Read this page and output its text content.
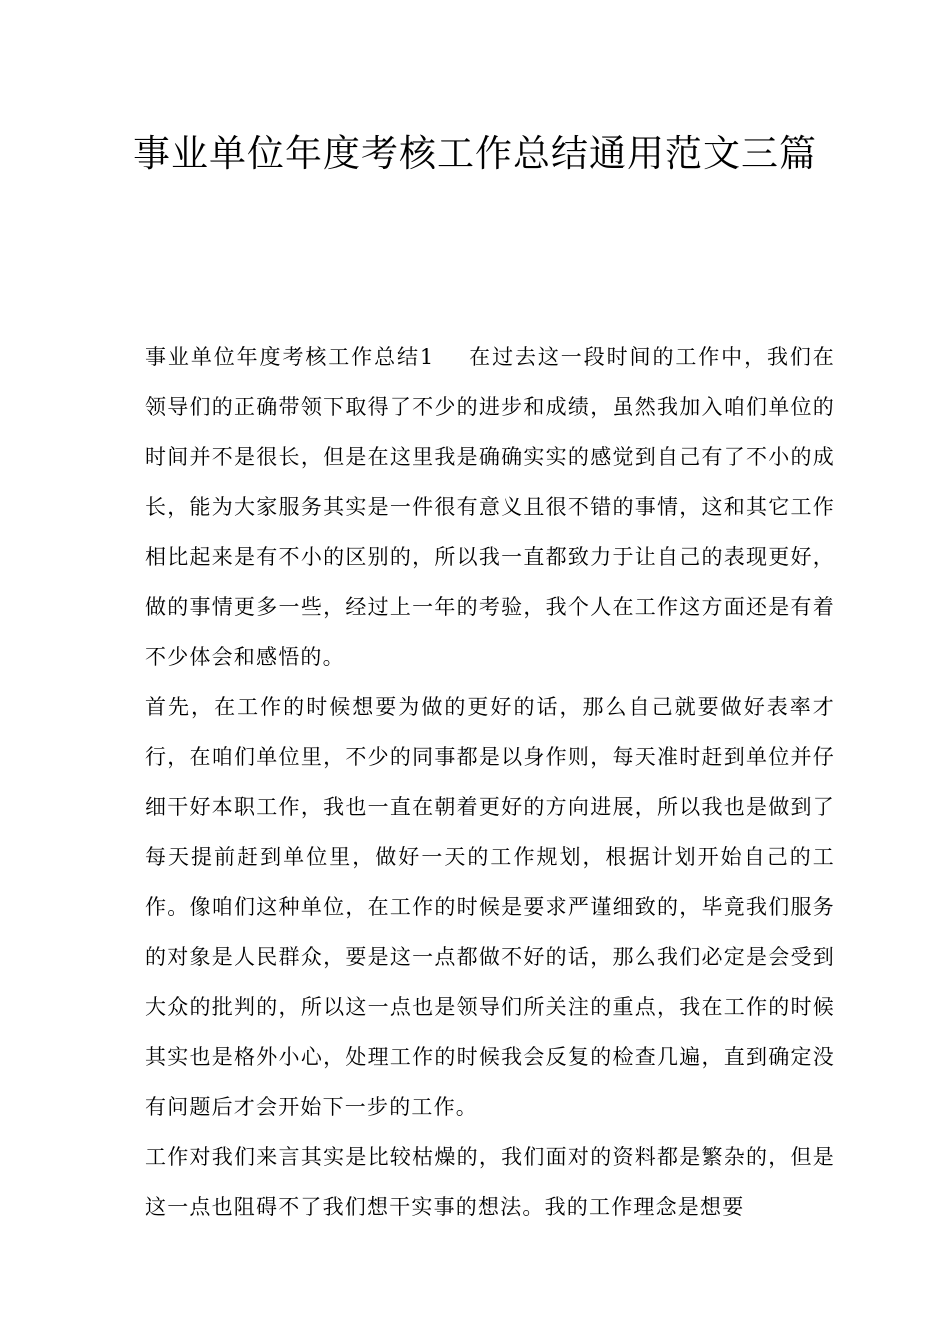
事业单位年度考核工作总结通用范文三篇

事业单位年度考核工作总结1 在过去这一段时间的工作中，我们在领导们的正确带领下取得了不少的进步和成绩，虽然我加入咱们单位的时间并不是很长，但是在这里我是确确实实的感觉到自己有了不小的成长，能为大家服务其实是一件很有意义且很不错的事情，这和其它工作相比起来是有不小的区别的，所以我一直都致力于让自己的表现更好，做的事情更多一些，经过上一年的考验，我个人在工作这方面还是有着不少体会和感悟的。

首先，在工作的时候想要为做的更好的话，那么自己就要做好表率才行，在咱们单位里，不少的同事都是以身作则，每天准时赶到单位并仔细干好本职工作，我也一直在朝着更好的方向进展，所以我也是做到了每天提前赶到单位里，做好一天的工作规划，根据计划开始自己的工作。像咱们这种单位，在工作的时候是要求严谨细致的，毕竟我们服务的对象是人民群众，要是这一点都做不好的话，那么我们必定是会受到大众的批判的，所以这一点也是领导们所关注的重点，我在工作的时候其实也是格外小心，处理工作的时候我会反复的检查几遍，直到确定没有问题后才会开始下一步的工作。

工作对我们来言其实是比较枯燥的，我们面对的资料都是繁杂的，但是这一点也阻碍不了我们想干实事的想法。我的工作理念是想要
